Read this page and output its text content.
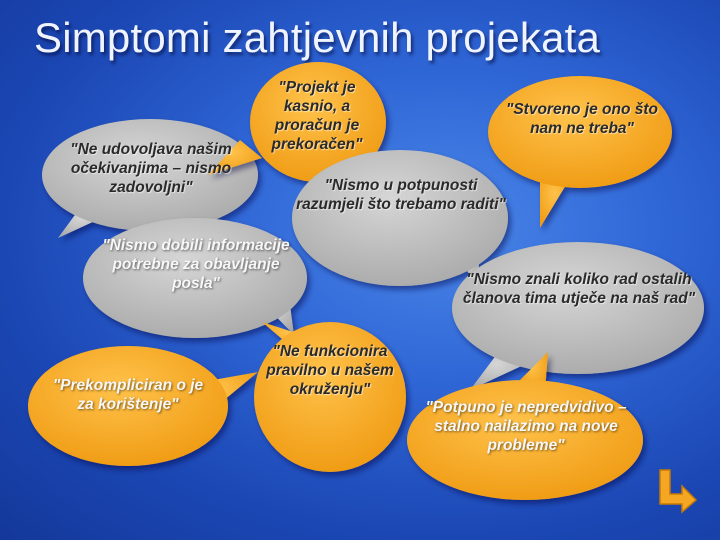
Simptomi zahtjevnih projekata
"Projekt je kasnio, a proračun je prekoračen"
"Ne udovoljava našim očekivanjima – nismo zadovoljni"
"Stvoreno je ono što nam ne treba"
"Nismo u potpunosti razumjeli što trebamo raditi"
"Nismo dobili informacije potrebne za obavljanje posla"	"Nismo znali koliko rad ostalih članova tima utječe na naš rad"
"Ne funkcionira pravilno u našem okruženju"
"Prekompliciran o je za korištenje"	"Potpuno je nepredvidivo – stalno nailazimo na nove probleme"
